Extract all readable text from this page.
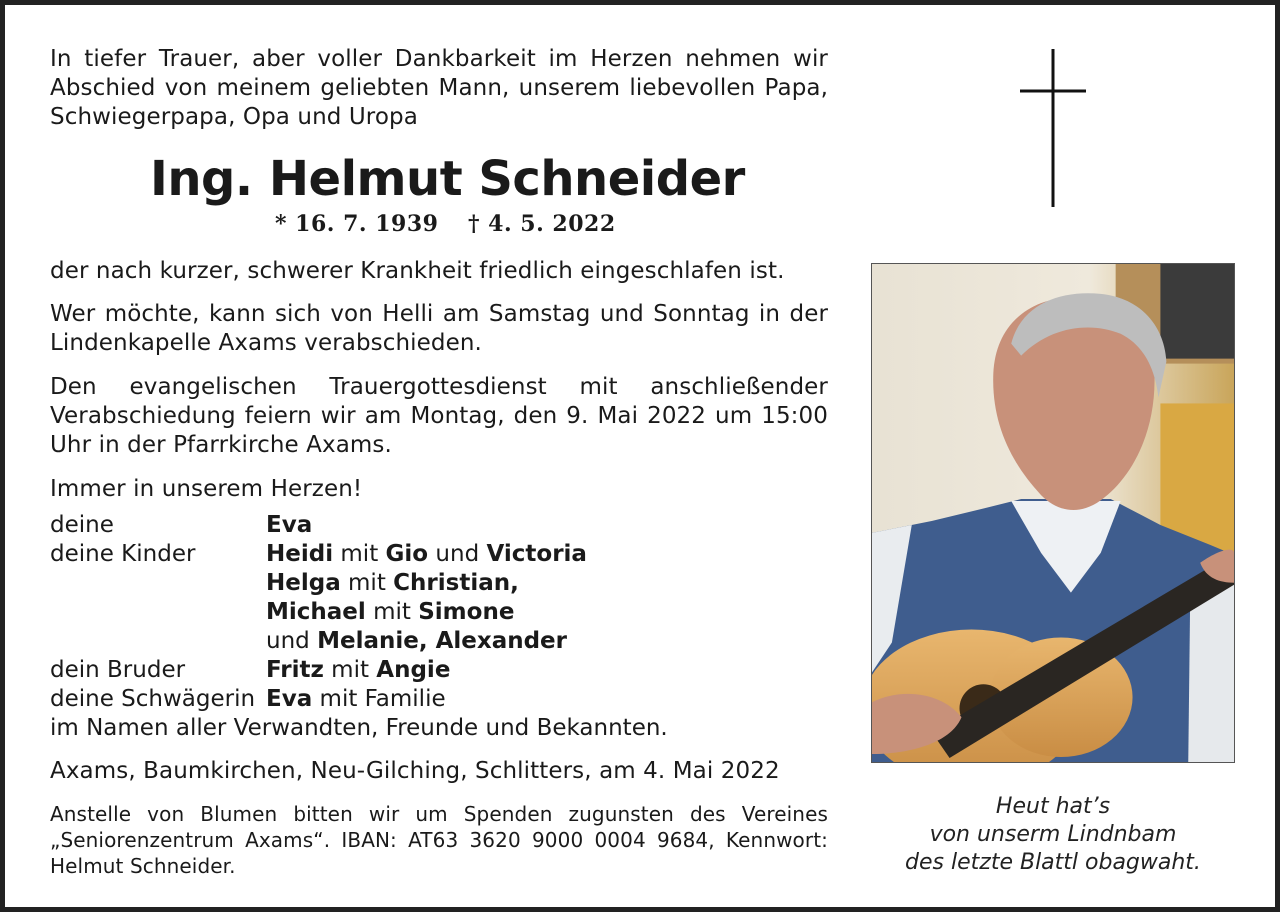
In tiefer Trauer, aber voller Dankbarkeit im Herzen nehmen wir Abschied von meinem geliebten Mann, unserem liebevollen Papa, Schwiegerpapa, Opa und Uropa

Ing. Helmut Schneider
* 16. 7. 1939 † 4. 5. 2022

der nach kurzer, schwerer Krankheit friedlich eingeschlafen ist.

Wer möchte, kann sich von Helli am Samstag und Sonntag in der Lindenkapelle Axams verabschieden.

Den evangelischen Trauergottesdienst mit anschließender Verabschiedung feiern wir am Montag, den 9. Mai 2022 um 15:00 Uhr in der Pfarrkirche Axams.

Immer in unserem Herzen!

deine	Eva
deine Kinder	Heidi mit Gio und Victoria
Helga mit Christian,
Michael mit Simone
und Melanie, Alexander
dein Bruder	Fritz mit Angie
deine Schwägerin Eva mit Familie
im Namen aller Verwandten, Freunde und Bekannten.

Axams, Baumkirchen, Neu-Gilching, Schlitters, am 4. Mai 2022

Anstelle von Blumen bitten wir um Spenden zugunsten des Vereines „Seniorenzentrum Axams“. IBAN: AT63 3620 9000 0004 9684, Kennwort: Helmut Schneider.

Heut hat’s
von unserm Lindnbam
des letzte Blattl obagwaht.
